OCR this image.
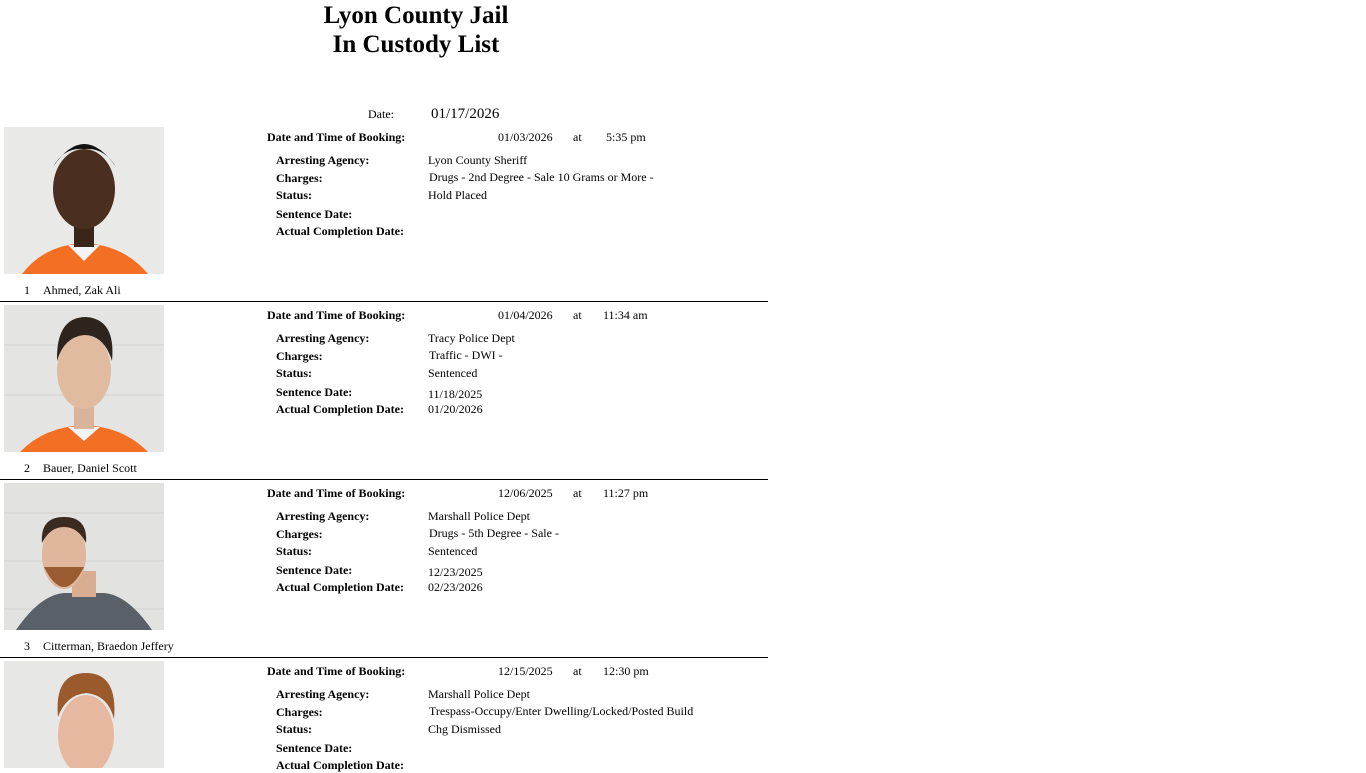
Lyon County Jail
In Custody List
Date: 01/17/2026
1 Ahmed, Zak Ali
Date and Time of Booking:	01/03/2026 at 5:35 pm
Arresting Agency:	Lyon County Sheriff
Charges:	Drugs - 2nd Degree - Sale 10 Grams or More -
Status:	Hold Placed
Sentence Date:
Actual Completion Date:
2 Bauer, Daniel Scott
Date and Time of Booking:	01/04/2026 at 11:34 am
Arresting Agency:	Tracy Police Dept
Charges:	Traffic - DWI -
Status:	Sentenced
Sentence Date:	11/18/2025
Actual Completion Date: 01/20/2026
3 Citterman, Braedon Jeffery
Date and Time of Booking:	12/06/2025 at 11:27 pm
Arresting Agency:	Marshall Police Dept
Charges:	Drugs - 5th Degree - Sale -
Status:	Sentenced
Sentence Date:	12/23/2025
Actual Completion Date: 02/23/2026
Date and Time of Booking:	12/15/2025 at 12:30 pm
Arresting Agency:	Marshall Police Dept
Charges:	Trespass-Occupy/Enter Dwelling/Locked/Posted Build
Status:	Chg Dismissed
Sentence Date:
Actual Completion Date:
